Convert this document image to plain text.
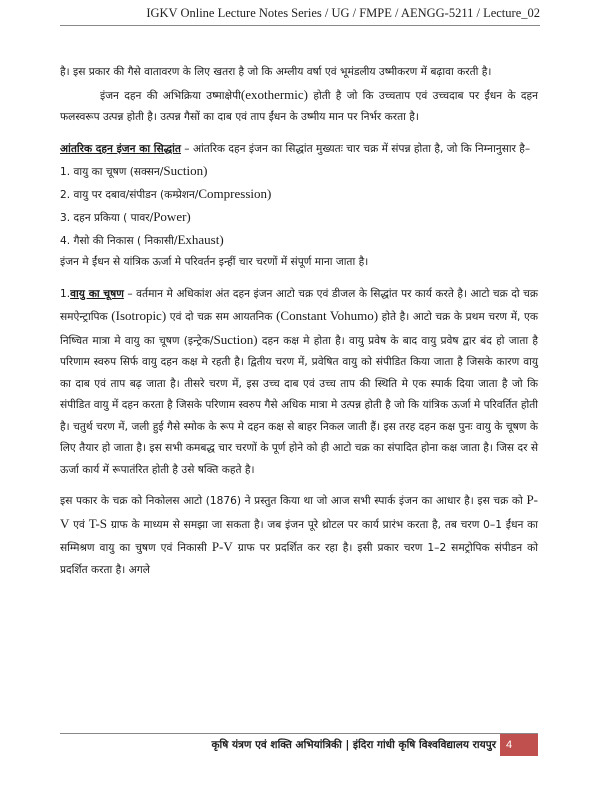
IGKV Online Lecture Notes Series / UG / FMPE / AENGG-5211 / Lecture_02

है। इस प्रकार की गैसे वातावरण के लिए खतरा है जो कि अम्लीय वर्षा एवं भूमंडलीय उष्मीकरण में बढ़ावा करती है।

इंजन दहन की अभिक्रिया उष्माक्षेपी(exothermic) होती है जो कि उच्चताप एवं उच्चदाब पर ईंधन के दहन फलस्वरूप उत्पन्न होती है। उत्पन्न गैसों का दाब एवं ताप ईंधन के उष्मीय मान पर निर्भर करता है।

आंतरिक दहन इंजन का सिद्धांत – आंतरिक दहन इंजन का सिद्धांत मुख्यतः चार चक्र में संपन्न होता है, जो कि निम्नानुसार है–

1. वायु का चूषण (सक्सन/Suction)
2. वायु पर दबाव/संपीडन (कम्प्रेशन/Compression)
3. दहन प्रकिया ( पावर/Power)
4. गैसो की निकास ( निकासी/Exhaust)

इंजन मे ईंधन से यांत्रिक ऊर्जा मे परिवर्तन इन्हीं चार चरणों में संपूर्ण माना जाता है।

1.वायु का चूषण – वर्तमान मे अधिकांश अंत दहन इंजन आटो चक्र एवं डीजल के सिद्धांत पर कार्य करते है। आटो चक्र दो चक्र समऐन्ट्रापिक (Isotropic) एवं दो चक्र सम आयतनिक (Constant Vohumo) होते है। आटो चक्र के प्रथम चरण में, एक निष्चित मात्रा मे वायु का चूषण (इन्ट्रेक/Suction) दहन कक्ष मे होता है। वायु प्रवेष के बाद वायु प्रवेष द्वार बंद हो जाता है परिणाम स्वरुप सिर्फ वायु दहन कक्ष मे रहती है। द्वितीय चरण में, प्रवेषित वायु को संपीडित किया जाता है जिसके कारण वायु का दाब एवं ताप बढ़ जाता है। तीसरे चरण में, इस उच्च दाब एवं उच्च ताप की स्थिति मे एक स्पार्क दिया जाता है जो कि संपीडित वायु में दहन करता है जिसके परिणाम स्वरुप गैसे अधिक मात्रा मे उत्पन्न होती है जो कि यांत्रिक ऊर्जा मे परिवर्तित होती है। चतुर्थ चरण में, जली हुई गैसे स्मोक के रूप मे दहन कक्ष से बाहर निकल जाती हैं। इस तरह दहन कक्ष पुनः वायु के चूषण के लिए तैयार हो जाता है। इस सभी कमबद्ध चार चरणों के पूर्ण होने को ही आटो चक्र का संपादित होना कक्ष जाता है। जिस दर से ऊर्जा कार्य में रूपातंरित होती है उसे षक्ति कहते है।

इस पकार के चक्र को निकोलस आटो (1876) ने प्रस्तुत किया था जो आज सभी स्पार्क इंजन का आधार है। इस चक्र को P-V एवं T-S ग्राफ के माध्यम से समझा जा सकता है। जब इंजन पूरे थ्रोटल पर कार्य प्रारंभ करता है, तब चरण 0–1 ईंधन का सम्मिश्रण वायु का चुषण एवं निकासी P-V ग्राफ पर प्रदर्शित कर रहा है। इसी प्रकार चरण 1–2 समट्रोपिक संपीडन को प्रदर्शित करता है। अगले

कृषि यंत्रण एवं शक्ति अभियांत्रिकी | इंदिरा गांधी कृषि विश्वविद्यालय रायपुर 4
